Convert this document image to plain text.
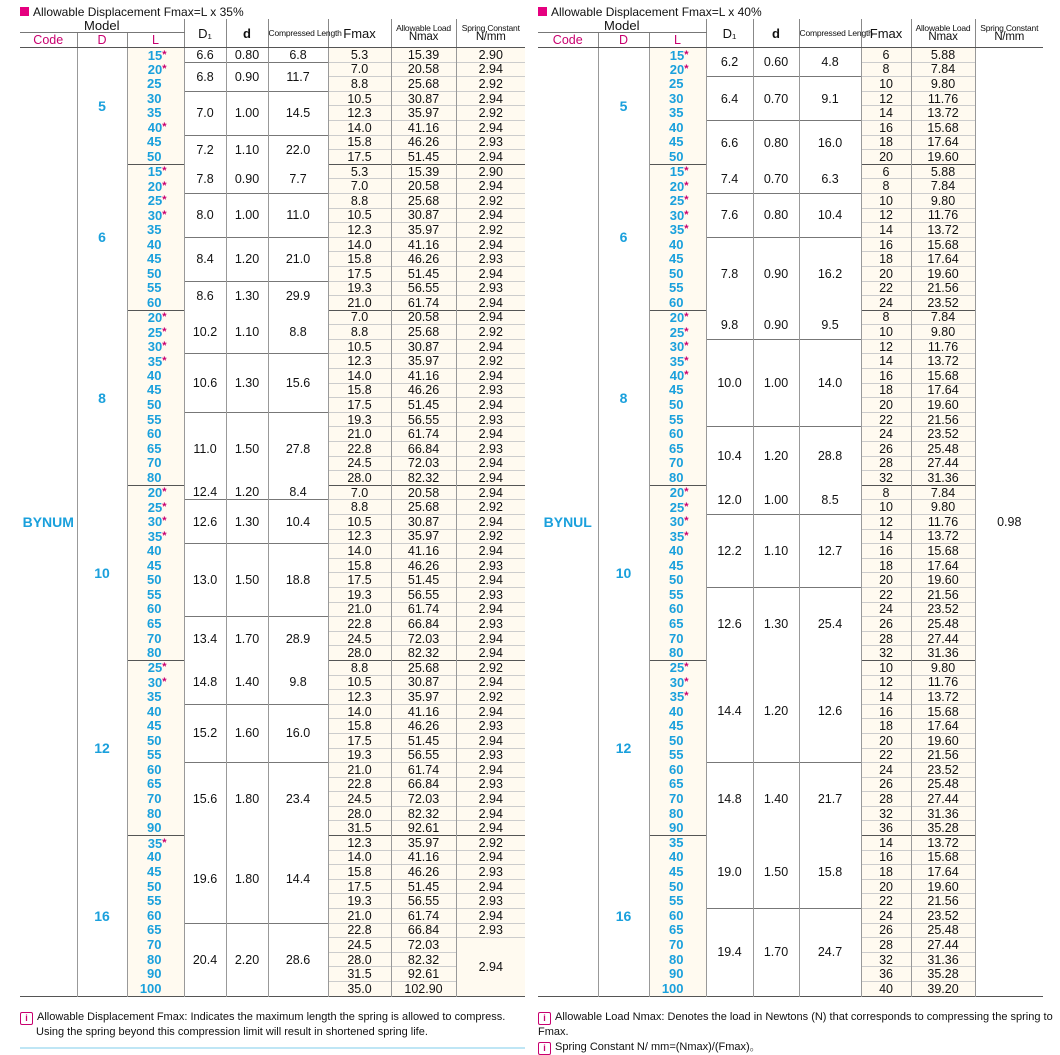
Allowable Displacement Fmax=L x 35%
Model			D₁	d	Compressed Length	Fmax	Allowable Load
Nmax	Spring Constant
N/mm
Code	D	L						
BYNUM	5	15*	6.6	0.80	6.8	5.3	15.39	2.90
		20*	6.8	0.90	11.7	7.0	20.58	2.94
		25				8.8	25.68	2.92
		30	7.0	1.00	14.5	10.5	30.87	2.94
		35				12.3	35.97	2.92
		40*				14.0	41.16	2.94
		45	7.2	1.10	22.0	15.8	46.26	2.93
		50				17.5	51.45	2.94
	6	15*	7.8	0.90	7.7	5.3	15.39	2.90
		20*				7.0	20.58	2.94
		25*	8.0	1.00	11.0	8.8	25.68	2.92
		30*				10.5	30.87	2.94
		35				12.3	35.97	2.92
		40	8.4	1.20	21.0	14.0	41.16	2.94
		45				15.8	46.26	2.93
		50				17.5	51.45	2.94
		55	8.6	1.30	29.9	19.3	56.55	2.93
		60				21.0	61.74	2.94
	8	20*	10.2	1.10	8.8	7.0	20.58	2.94
		25*				8.8	25.68	2.92
		30*				10.5	30.87	2.94
		35*	10.6	1.30	15.6	12.3	35.97	2.92
		40				14.0	41.16	2.94
		45				15.8	46.26	2.93
		50				17.5	51.45	2.94
		55	11.0	1.50	27.8	19.3	56.55	2.93
		60				21.0	61.74	2.94
		65				22.8	66.84	2.93
		70				24.5	72.03	2.94
		80				28.0	82.32	2.94
	10	20*	12.4	1.20	8.4	7.0	20.58	2.94
		25*	12.6	1.30	10.4	8.8	25.68	2.92
		30*				10.5	30.87	2.94
		35*				12.3	35.97	2.92
		40	13.0	1.50	18.8	14.0	41.16	2.94
		45				15.8	46.26	2.93
		50				17.5	51.45	2.94
		55				19.3	56.55	2.93
		60				21.0	61.74	2.94
		65	13.4	1.70	28.9	22.8	66.84	2.93
		70				24.5	72.03	2.94
		80				28.0	82.32	2.94
	12	25*	14.8	1.40	9.8	8.8	25.68	2.92
		30*				10.5	30.87	2.94
		35				12.3	35.97	2.92
		40	15.2	1.60	16.0	14.0	41.16	2.94
		45				15.8	46.26	2.93
		50				17.5	51.45	2.94
		55				19.3	56.55	2.93
		60	15.6	1.80	23.4	21.0	61.74	2.94
		65				22.8	66.84	2.93
		70				24.5	72.03	2.94
		80				28.0	82.32	2.94
		90				31.5	92.61	2.94
	16	35*	19.6	1.80	14.4	12.3	35.97	2.92
		40				14.0	41.16	2.94
		45				15.8	46.26	2.93
		50				17.5	51.45	2.94
		55				19.3	56.55	2.93
		60				21.0	61.74	2.94
		65	20.4	2.20	28.6	22.8	66.84	2.93
		70				24.5	72.03	2.94
		80				28.0	82.32	
		90				31.5	92.61	
		100				35.0	102.90	
Allowable Displacement Fmax=L x 40%
Model			D₁	d	Compressed Length	Fmax	Allowable Load
Nmax	Spring Constant
N/mm
Code	D	L						
BYNUL	5	15*	6.2	0.60	4.8	6	5.88	0.98
		20*				8	7.84	
		25	6.4	0.70	9.1	10	9.80	
		30				12	11.76	
		35				14	13.72	
		40	6.6	0.80	16.0	16	15.68	
		45				18	17.64	
		50				20	19.60	
	6	15*	7.4	0.70	6.3	6	5.88	
		20*				8	7.84	
		25*	7.6	0.80	10.4	10	9.80	
		30*				12	11.76	
		35*				14	13.72	
		40	7.8	0.90	16.2	16	15.68	
		45				18	17.64	
		50				20	19.60	
		55				22	21.56	
		60				24	23.52	
	8	20*	9.8	0.90	9.5	8	7.84	
		25*				10	9.80	
		30*	10.0	1.00	14.0	12	11.76	
		35*				14	13.72	
		40*				16	15.68	
		45				18	17.64	
		50				20	19.60	
		55				22	21.56	
		60	10.4	1.20	28.8	24	23.52	
		65				26	25.48	
		70				28	27.44	
		80				32	31.36	
	10	20*	12.0	1.00	8.5	8	7.84	
		25*				10	9.80	
		30*	12.2	1.10	12.7	12	11.76	
		35*				14	13.72	
		40				16	15.68	
		45				18	17.64	
		50				20	19.60	
		55	12.6	1.30	25.4	22	21.56	
		60				24	23.52	
		65				26	25.48	
		70				28	27.44	
		80				32	31.36	
	12	25*	14.4	1.20	12.6	10	9.80	
		30*				12	11.76	
		35*				14	13.72	
		40				16	15.68	
		45				18	17.64	
		50				20	19.60	
		55				22	21.56	
		60	14.8	1.40	21.7	24	23.52	
		65				26	25.48	
		70				28	27.44	
		80				32	31.36	
		90				36	35.28	
	16	35	19.0	1.50	15.8	14	13.72	
		40				16	15.68	
		45				18	17.64	
		50				20	19.60	
		55				22	21.56	
		60	19.4	1.70	24.7	24	23.52	
		65				26	25.48	
		70				28	27.44	
		80				32	31.36	
		90				36	35.28	
		100				40	39.20	
i Allowable Displacement Fmax: Indicates the maximum length the spring is allowed to compress.
Using the spring beyond this compression limit will result in shortened spring life.
i Allowable Load Nmax: Denotes the load in Newtons (N) that corresponds to compressing the spring to Fmax.
i Spring Constant N/ mm=(Nmax)/(Fmax)。
